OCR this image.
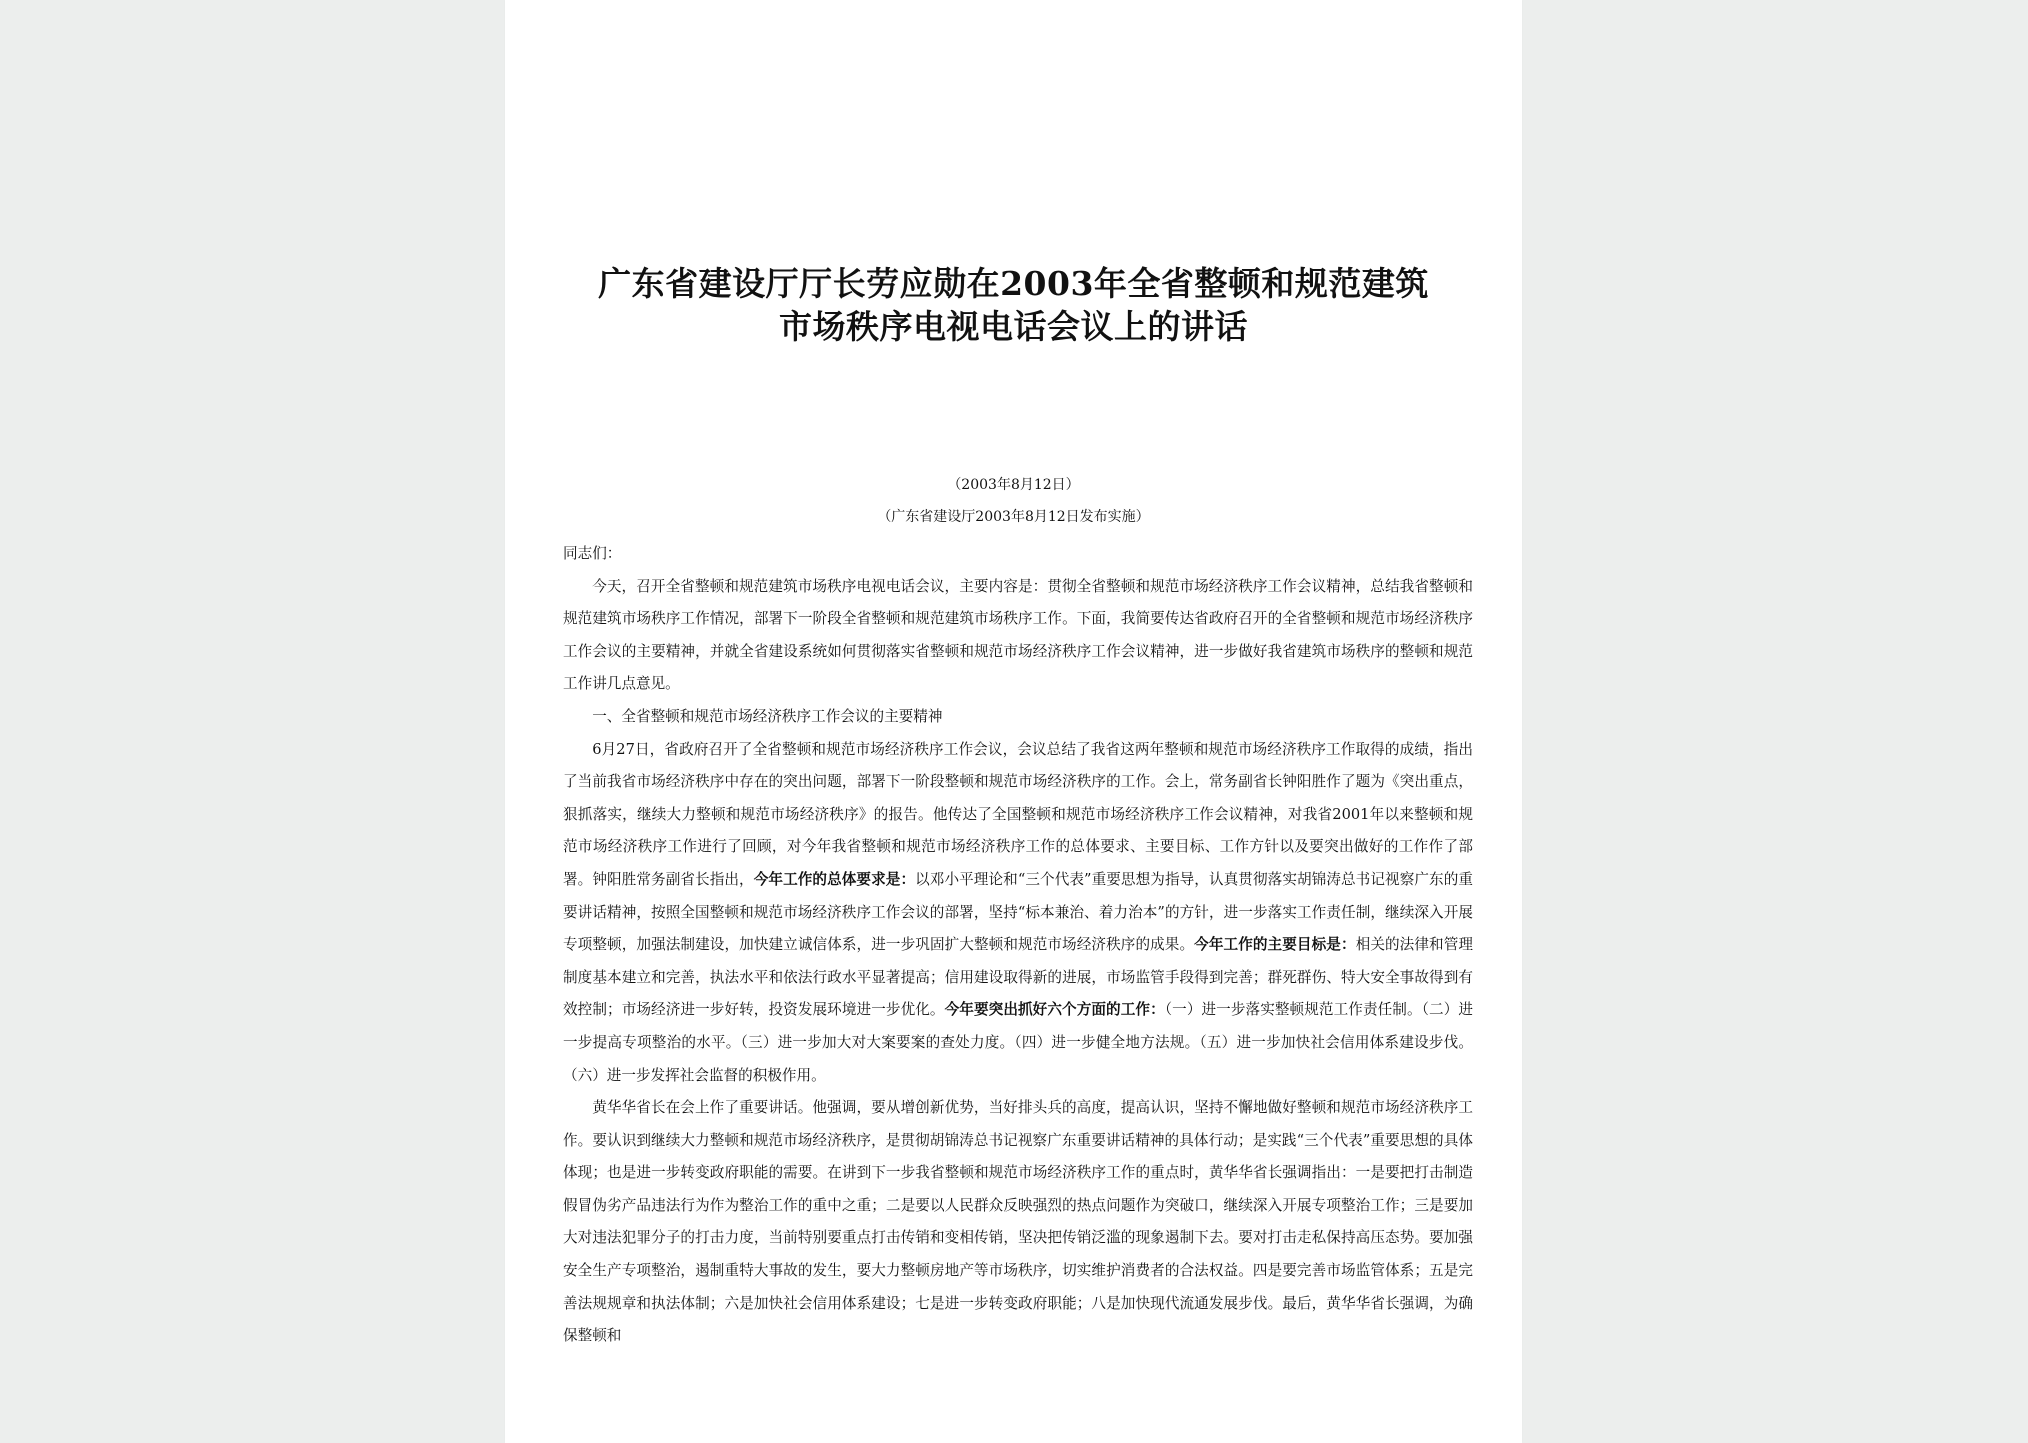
广东省建设厅厅长劳应勋在2003年全省整顿和规范建筑
市场秩序电视电话会议上的讲话
（2003年8月12日）
（广东省建设厅2003年8月12日发布实施）

同志们：

今天，召开全省整顿和规范建筑市场秩序电视电话会议，主要内容是：贯彻全省整顿和规范市场经济秩序工作会议精神，总结我省整顿和规范建筑市场秩序工作情况，部署下一阶段全省整顿和规范建筑市场秩序工作。下面，我简要传达省政府召开的全省整顿和规范市场经济秩序工作会议的主要精神，并就全省建设系统如何贯彻落实省整顿和规范市场经济秩序工作会议精神，进一步做好我省建筑市场秩序的整顿和规范工作讲几点意见。

一、全省整顿和规范市场经济秩序工作会议的主要精神

6月27日，省政府召开了全省整顿和规范市场经济秩序工作会议，会议总结了我省这两年整顿和规范市场经济秩序工作取得的成绩，指出了当前我省市场经济秩序中存在的突出问题，部署下一阶段整顿和规范市场经济秩序的工作。会上，常务副省长钟阳胜作了题为《突出重点，狠抓落实，继续大力整顿和规范市场经济秩序》的报告。他传达了全国整顿和规范市场经济秩序工作会议精神，对我省2001年以来整顿和规范市场经济秩序工作进行了回顾，对今年我省整顿和规范市场经济秩序工作的总体要求、主要目标、工作方针以及要突出做好的工作作了部署。钟阳胜常务副省长指出，今年工作的总体要求是：以邓小平理论和“三个代表”重要思想为指导，认真贯彻落实胡锦涛总书记视察广东的重要讲话精神，按照全国整顿和规范市场经济秩序工作会议的部署，坚持“标本兼治、着力治本”的方针，进一步落实工作责任制，继续深入开展专项整顿，加强法制建设，加快建立诚信体系，进一步巩固扩大整顿和规范市场经济秩序的成果。今年工作的主要目标是：相关的法律和管理制度基本建立和完善，执法水平和依法行政水平显著提高；信用建设取得新的进展，市场监管手段得到完善；群死群伤、特大安全事故得到有效控制；市场经济进一步好转，投资发展环境进一步优化。今年要突出抓好六个方面的工作：（一）进一步落实整顿规范工作责任制。（二）进一步提高专项整治的水平。（三）进一步加大对大案要案的查处力度。（四）进一步健全地方法规。（五）进一步加快社会信用体系建设步伐。（六）进一步发挥社会监督的积极作用。

黄华华省长在会上作了重要讲话。他强调，要从增创新优势，当好排头兵的高度，提高认识，坚持不懈地做好整顿和规范市场经济秩序工作。要认识到继续大力整顿和规范市场经济秩序，是贯彻胡锦涛总书记视察广东重要讲话精神的具体行动；是实践“三个代表”重要思想的具体体现；也是进一步转变政府职能的需要。在讲到下一步我省整顿和规范市场经济秩序工作的重点时，黄华华省长强调指出：一是要把打击制造假冒伪劣产品违法行为作为整治工作的重中之重；二是要以人民群众反映强烈的热点问题作为突破口，继续深入开展专项整治工作；三是要加大对违法犯罪分子的打击力度，当前特别要重点打击传销和变相传销，坚决把传销泛滥的现象遏制下去。要对打击走私保持高压态势。要加强安全生产专项整治，遏制重特大事故的发生，要大力整顿房地产等市场秩序，切实维护消费者的合法权益。四是要完善市场监管体系；五是完善法规规章和执法体制；六是加快社会信用体系建设；七是进一步转变政府职能；八是加快现代流通发展步伐。最后，黄华华省长强调，为确保整顿和
